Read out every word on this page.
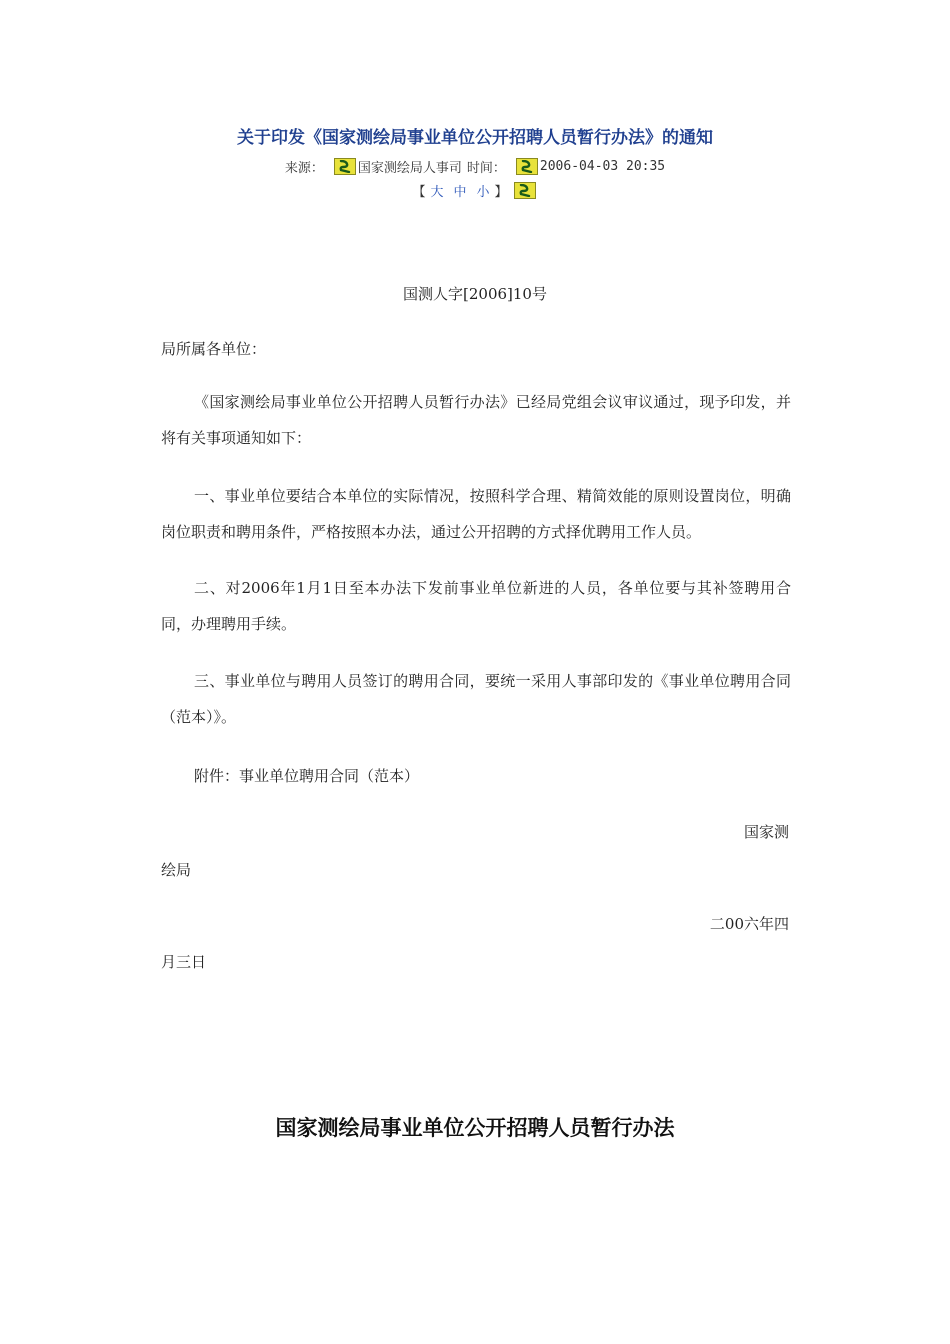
关于印发《国家测绘局事业单位公开招聘人员暂行办法》的通知
来源：	国家测绘局人事司 时间：	2006-04-03 20:35
【 大 中 小 】
国测人字[2006]10号
局所属各单位：
《国家测绘局事业单位公开招聘人员暂行办法》已经局党组会议审议通过，现予印发，并将有关事项通知如下：
一、事业单位要结合本单位的实际情况，按照科学合理、精简效能的原则设置岗位，明确岗位职责和聘用条件，严格按照本办法，通过公开招聘的方式择优聘用工作人员。
二、对2006年1月1日至本办法下发前事业单位新进的人员，各单位要与其补签聘用合同，办理聘用手续。
三、事业单位与聘用人员签订的聘用合同，要统一采用人事部印发的《事业单位聘用合同（范本）》。
附件：事业单位聘用合同（范本）
国家测
绘局
二00六年四
月三日
国家测绘局事业单位公开招聘人员暂行办法
